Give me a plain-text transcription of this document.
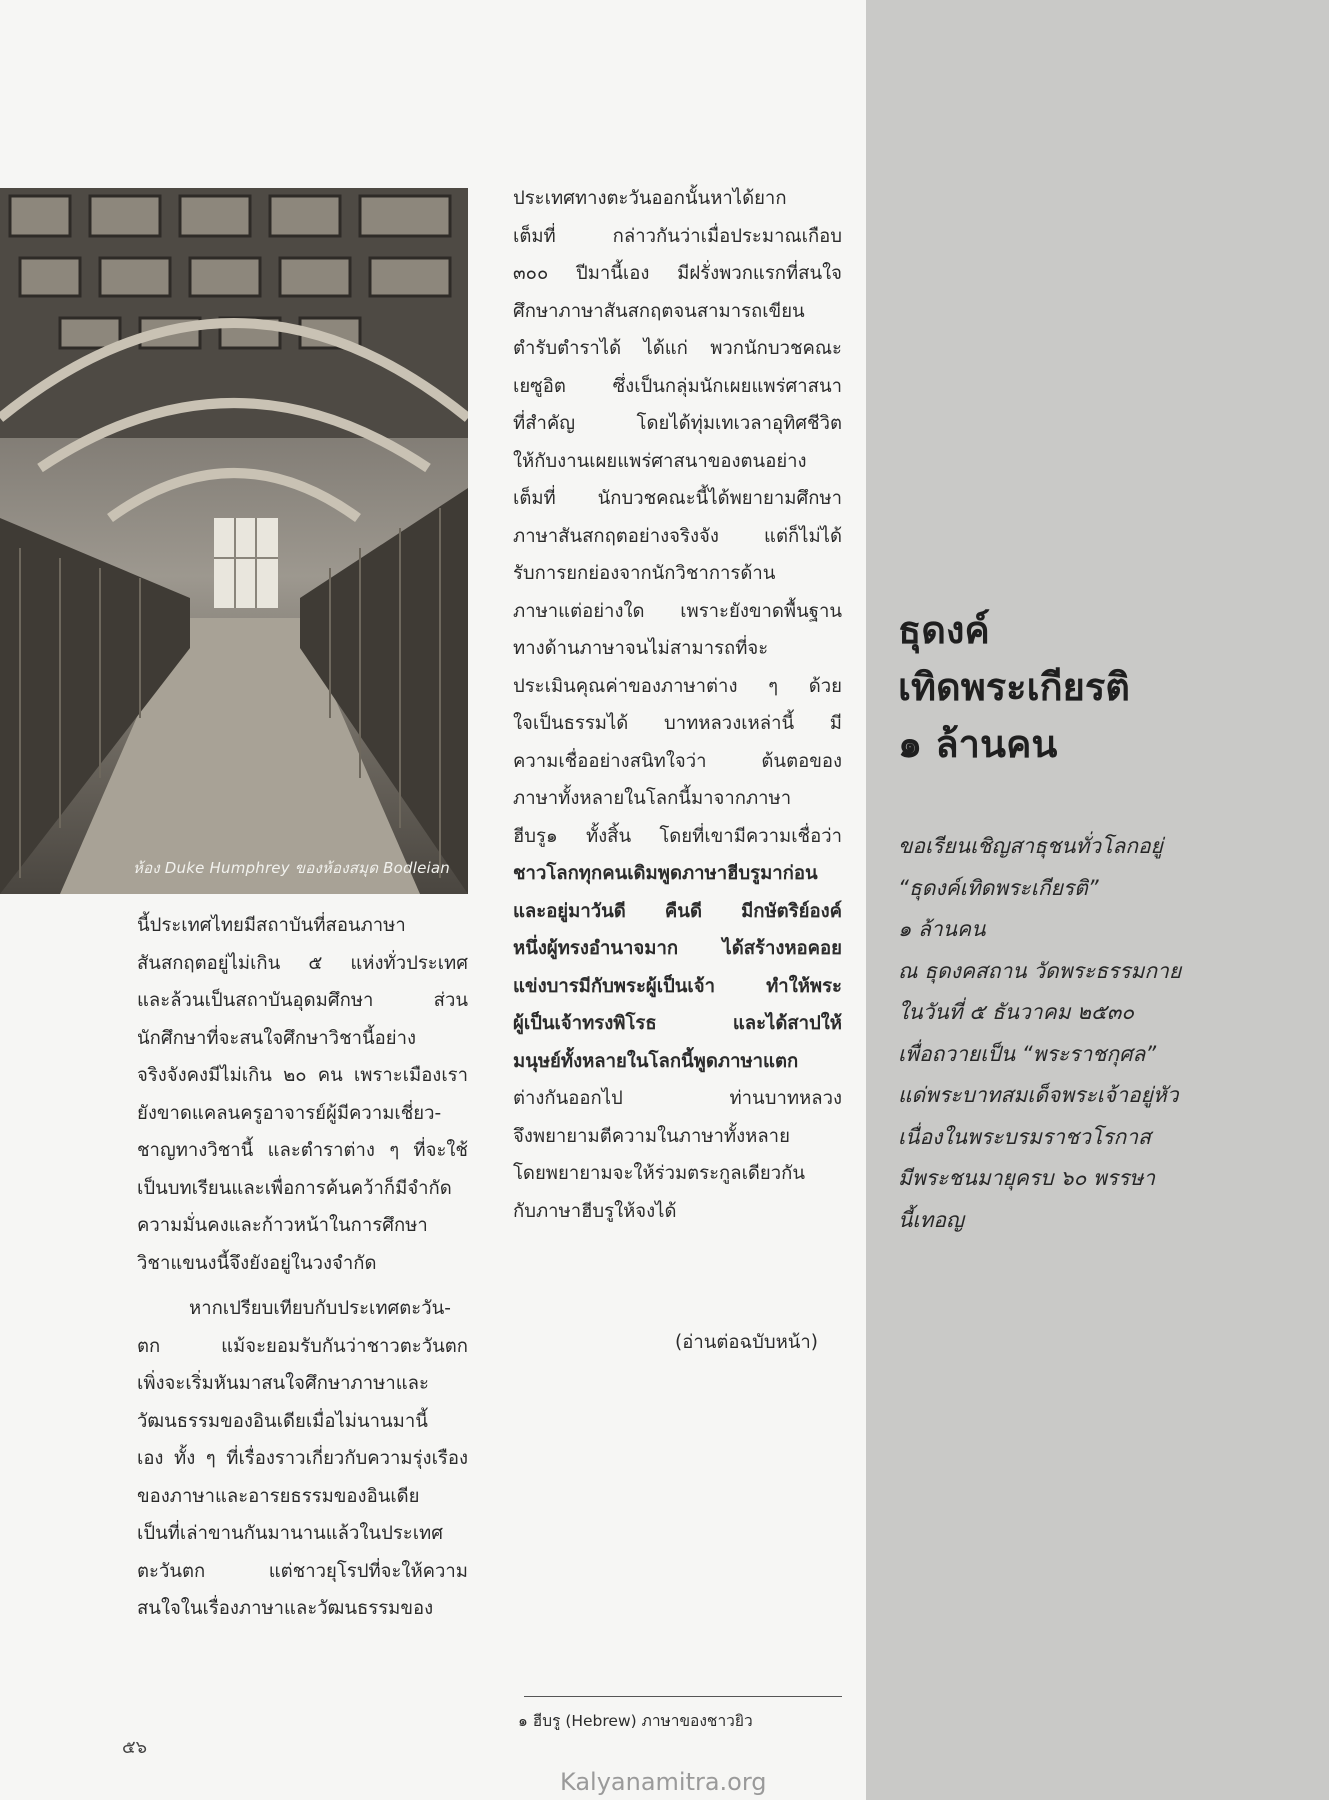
ห้อง Duke Humphrey ของห้องสมุด Bodleian

นี้ประเทศไทยมีสถาบันที่สอนภาษา

สันสกฤตอยู่ไม่เกิน ๕ แห่งทั่วประเทศ

และล้วนเป็นสถาบันอุดมศึกษา ส่วน

นักศึกษาที่จะสนใจศึกษาวิชานี้อย่าง

จริงจังคงมีไม่เกิน ๒๐ คน เพราะเมืองเรา

ยังขาดแคลนครูอาจารย์ผู้มีความเชี่ยว-

ชาญทางวิชานี้ และตำราต่าง ๆ ที่จะใช้

เป็นบทเรียนและเพื่อการค้นคว้าก็มีจำกัด

ความมั่นคงและก้าวหน้าในการศึกษา

วิชาแขนงนี้จึงยังอยู่ในวงจำกัด

หากเปรียบเทียบกับประเทศตะวัน-

ตก แม้จะยอมรับกันว่าชาวตะวันตก

เพิ่งจะเริ่มหันมาสนใจศึกษาภาษาและ

วัฒนธรรมของอินเดียเมื่อไม่นานมานี้

เอง ทั้ง ๆ ที่เรื่องราวเกี่ยวกับความรุ่งเรือง

ของภาษาและอารยธรรมของอินเดีย

เป็นที่เล่าขานกันมานานแล้วในประเทศ

ตะวันตก แต่ชาวยุโรปที่จะให้ความ

สนใจในเรื่องภาษาและวัฒนธรรมของ

ประเทศทางตะวันออกนั้นหาได้ยาก

เต็มที่ กล่าวกันว่าเมื่อประมาณเกือบ

๓๐๐ ปีมานี้เอง มีฝรั่งพวกแรกที่สนใจ

ศึกษาภาษาสันสกฤตจนสามารถเขียน

ตำรับตำราได้ ได้แก่ พวกนักบวชคณะ

เยซูอิต ซึ่งเป็นกลุ่มนักเผยแพร่ศาสนา

ที่สำคัญ โดยได้ทุ่มเทเวลาอุทิศชีวิต

ให้กับงานเผยแพร่ศาสนาของตนอย่าง

เต็มที่ นักบวชคณะนี้ได้พยายามศึกษา

ภาษาสันสกฤตอย่างจริงจัง แต่ก็ไม่ได้

รับการยกย่องจากนักวิชาการด้าน

ภาษาแต่อย่างใด เพราะยังขาดพื้นฐาน

ทางด้านภาษาจนไม่สามารถที่จะ

ประเมินคุณค่าของภาษาต่าง ๆ ด้วย

ใจเป็นธรรมได้ บาทหลวงเหล่านี้ มี

ความเชื่ออย่างสนิทใจว่า ต้นตอของ

ภาษาทั้งหลายในโลกนี้มาจากภาษา

ฮีบรู๑ ทั้งสิ้น โดยที่เขามีความเชื่อว่า

ชาวโลกทุกคนเดิมพูดภาษาฮีบรูมาก่อน

และอยู่มาวันดี คืนดี มีกษัตริย์องค์

หนึ่งผู้ทรงอำนาจมาก ได้สร้างหอคอย

แข่งบารมีกับพระผู้เป็นเจ้า ทำให้พระ

ผู้เป็นเจ้าทรงพิโรธ และได้สาปให้

มนุษย์ทั้งหลายในโลกนี้พูดภาษาแตก

ต่างกันออกไป ท่านบาทหลวง

จึงพยายามตีความในภาษาทั้งหลาย

โดยพยายามจะให้ร่วมตระกูลเดียวกัน

กับภาษาฮีบรูให้จงได้

(อ่านต่อฉบับหน้า)
๑ ฮีบรู (Hebrew) ภาษาของชาวยิว
๕๖
Kalyanamitra.org
ธุดงค์
เทิดพระเกียรติ
๑ ล้านคน
ขอเรียนเชิญสาธุชนทั่วโลกอยู่
“ธุดงค์เทิดพระเกียรติ”
๑ ล้านคน
ณ ธุดงคสถาน วัดพระธรรมกาย
ในวันที่ ๕ ธันวาคม ๒๕๓๐
เพื่อถวายเป็น “พระราชกุศล”
แด่พระบาทสมเด็จพระเจ้าอยู่หัว
เนื่องในพระบรมราชวโรกาส
มีพระชนมายุครบ ๖๐ พรรษา
นี้เทอญ
